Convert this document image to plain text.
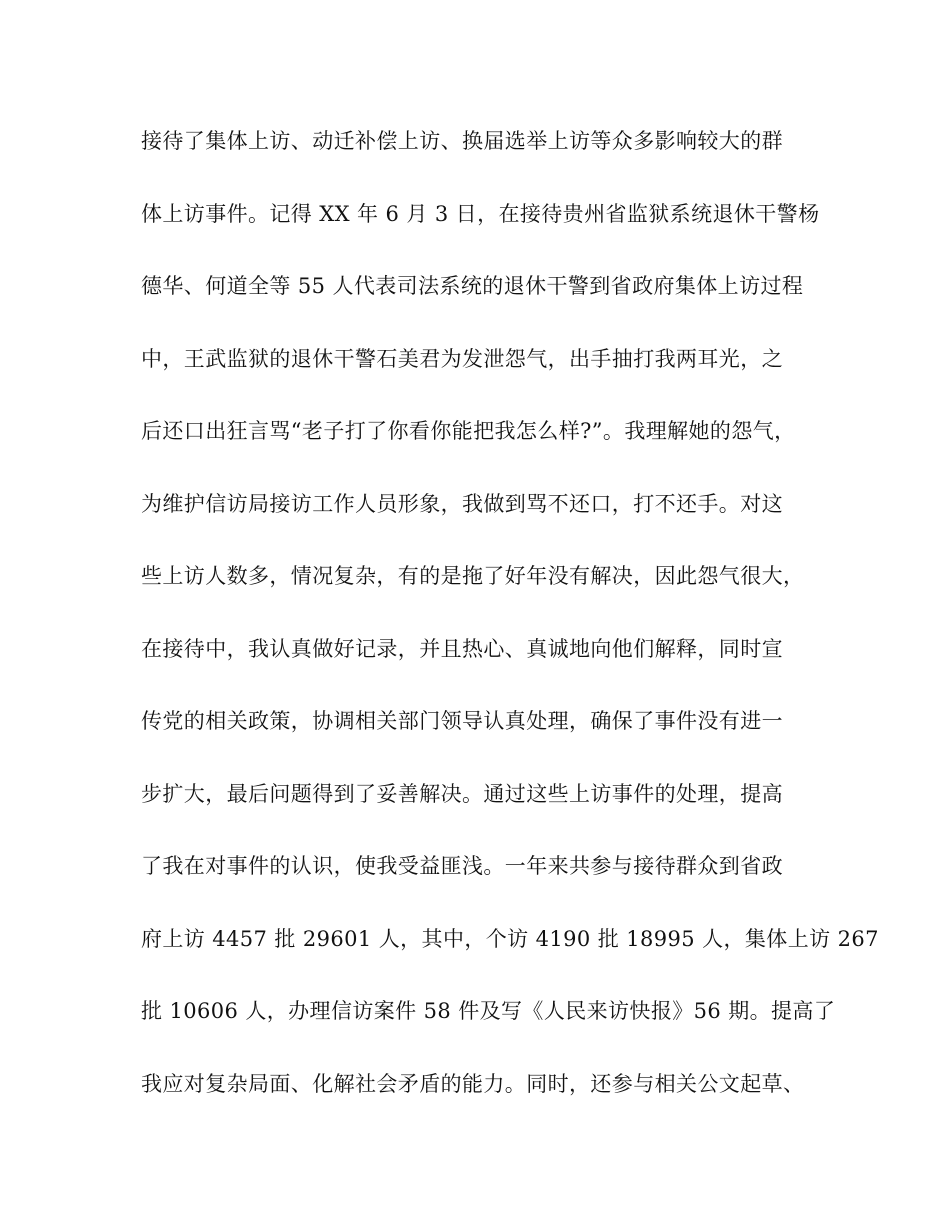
接待了集体上访、动迁补偿上访、换届选举上访等众多影响较大的群
体上访事件。记得 XX 年 6 月 3 日，在接待贵州省监狱系统退休干警杨
德华、何道全等 55 人代表司法系统的退休干警到省政府集体上访过程
中，王武监狱的退休干警石美君为发泄怨气，出手抽打我两耳光，之
后还口出狂言骂“老子打了你看你能把我怎么样?”。我理解她的怨气，
为维护信访局接访工作人员形象，我做到骂不还口，打不还手。对这
些上访人数多，情况复杂，有的是拖了好年没有解决，因此怨气很大，
在接待中，我认真做好记录，并且热心、真诚地向他们解释，同时宣
传党的相关政策，协调相关部门领导认真处理，确保了事件没有进一
步扩大，最后问题得到了妥善解决。通过这些上访事件的处理，提高
了我在对事件的认识，使我受益匪浅。一年来共参与接待群众到省政
府上访 4457 批 29601 人，其中，个访 4190 批 18995 人，集体上访 267
批 10606 人，办理信访案件 58 件及写《人民来访快报》56 期。提高了
我应对复杂局面、化解社会矛盾的能力。同时，还参与相关公文起草、
